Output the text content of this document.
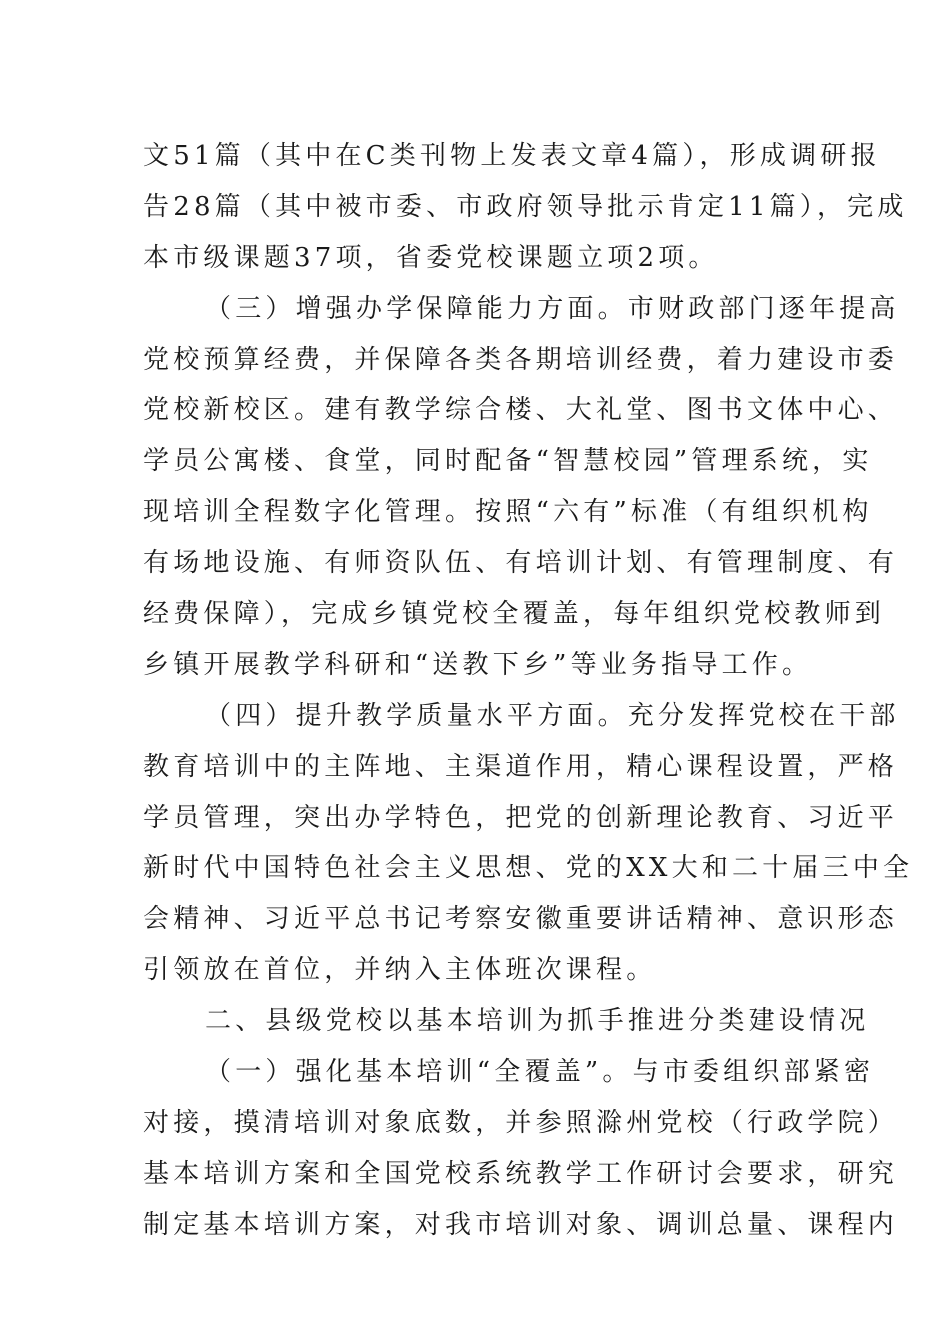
文51篇（其中在C类刊物上发表文章4篇），形成调研报
告28篇（其中被市委、市政府领导批示肯定11篇），完成
本市级课题37项，省委党校课题立项2项。
（三）增强办学保障能力方面。市财政部门逐年提高
党校预算经费，并保障各类各期培训经费，着力建设市委
党校新校区。建有教学综合楼、大礼堂、图书文体中心、
学员公寓楼、食堂，同时配备“智慧校园”管理系统，实
现培训全程数字化管理。按照“六有”标准（有组织机构
有场地设施、有师资队伍、有培训计划、有管理制度、有
经费保障），完成乡镇党校全覆盖，每年组织党校教师到
乡镇开展教学科研和“送教下乡”等业务指导工作。
（四）提升教学质量水平方面。充分发挥党校在干部
教育培训中的主阵地、主渠道作用，精心课程设置，严格
学员管理，突出办学特色，把党的创新理论教育、习近平
新时代中国特色社会主义思想、党的XX大和二十届三中全
会精神、习近平总书记考察安徽重要讲话精神、意识形态
引领放在首位，并纳入主体班次课程。
二、县级党校以基本培训为抓手推进分类建设情况
（一）强化基本培训“全覆盖”。与市委组织部紧密
对接，摸清培训对象底数，并参照滁州党校（行政学院）
基本培训方案和全国党校系统教学工作研讨会要求，研究
制定基本培训方案，对我市培训对象、调训总量、课程内
